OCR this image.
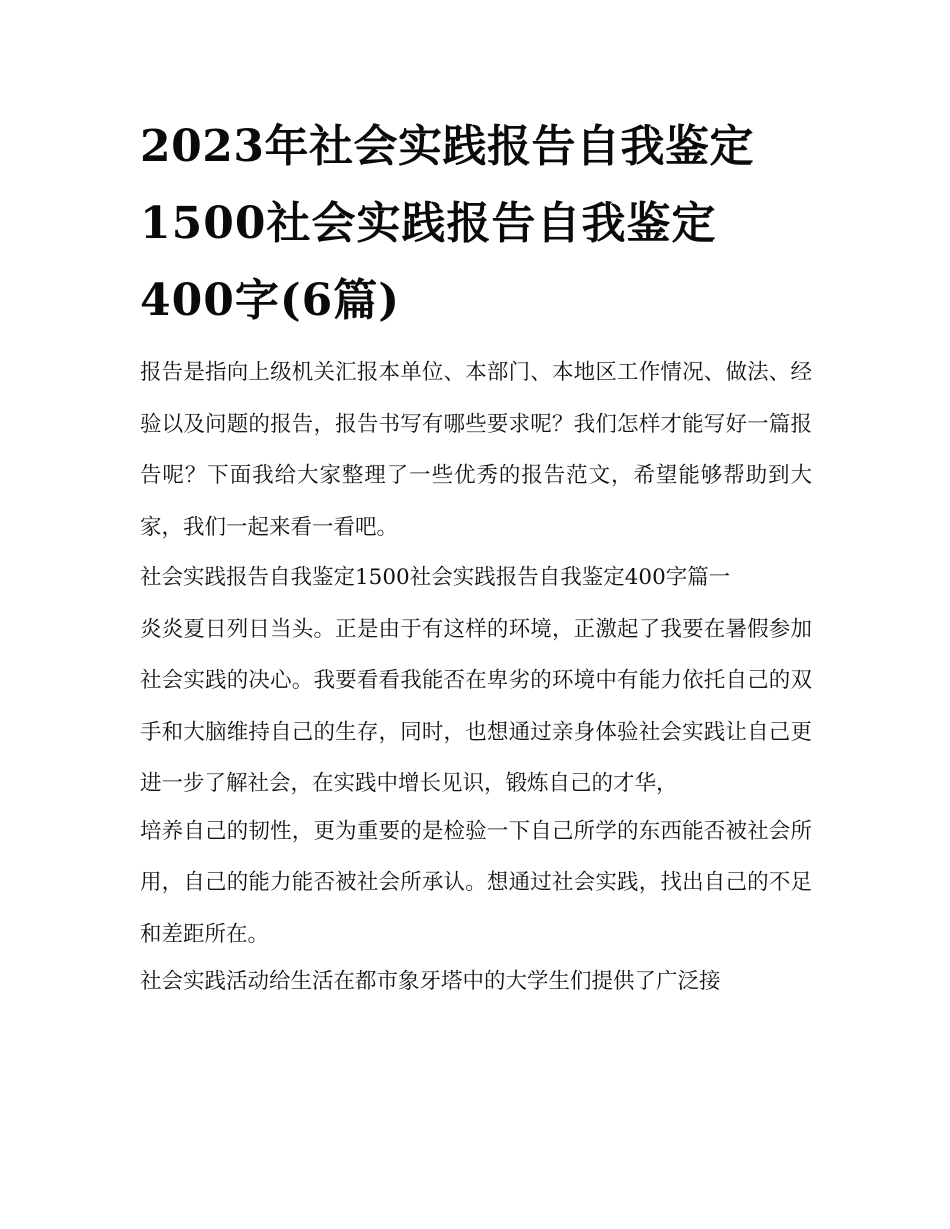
2023年社会实践报告自我鉴定
1500社会实践报告自我鉴定
400字(6篇)

报告是指向上级机关汇报本单位、本部门、本地区工作情况、做法、经验以及问题的报告，报告书写有哪些要求呢？我们怎样才能写好一篇报告呢？下面我给大家整理了一些优秀的报告范文，希望能够帮助到大家，我们一起来看一看吧。

社会实践报告自我鉴定1500社会实践报告自我鉴定400字篇一

炎炎夏日列日当头。正是由于有这样的环境，正激起了我要在暑假参加社会实践的决心。我要看看我能否在卑劣的环境中有能力依托自己的双手和大脑维持自己的生存，同时，也想通过亲身体验社会实践让自己更进一步了解社会，在实践中增长见识，锻炼自己的才华，

培养自己的韧性，更为重要的是检验一下自己所学的东西能否被社会所用，自己的能力能否被社会所承认。想通过社会实践，找出自己的不足和差距所在。

社会实践活动给生活在都市象牙塔中的大学生们提供了广泛接
